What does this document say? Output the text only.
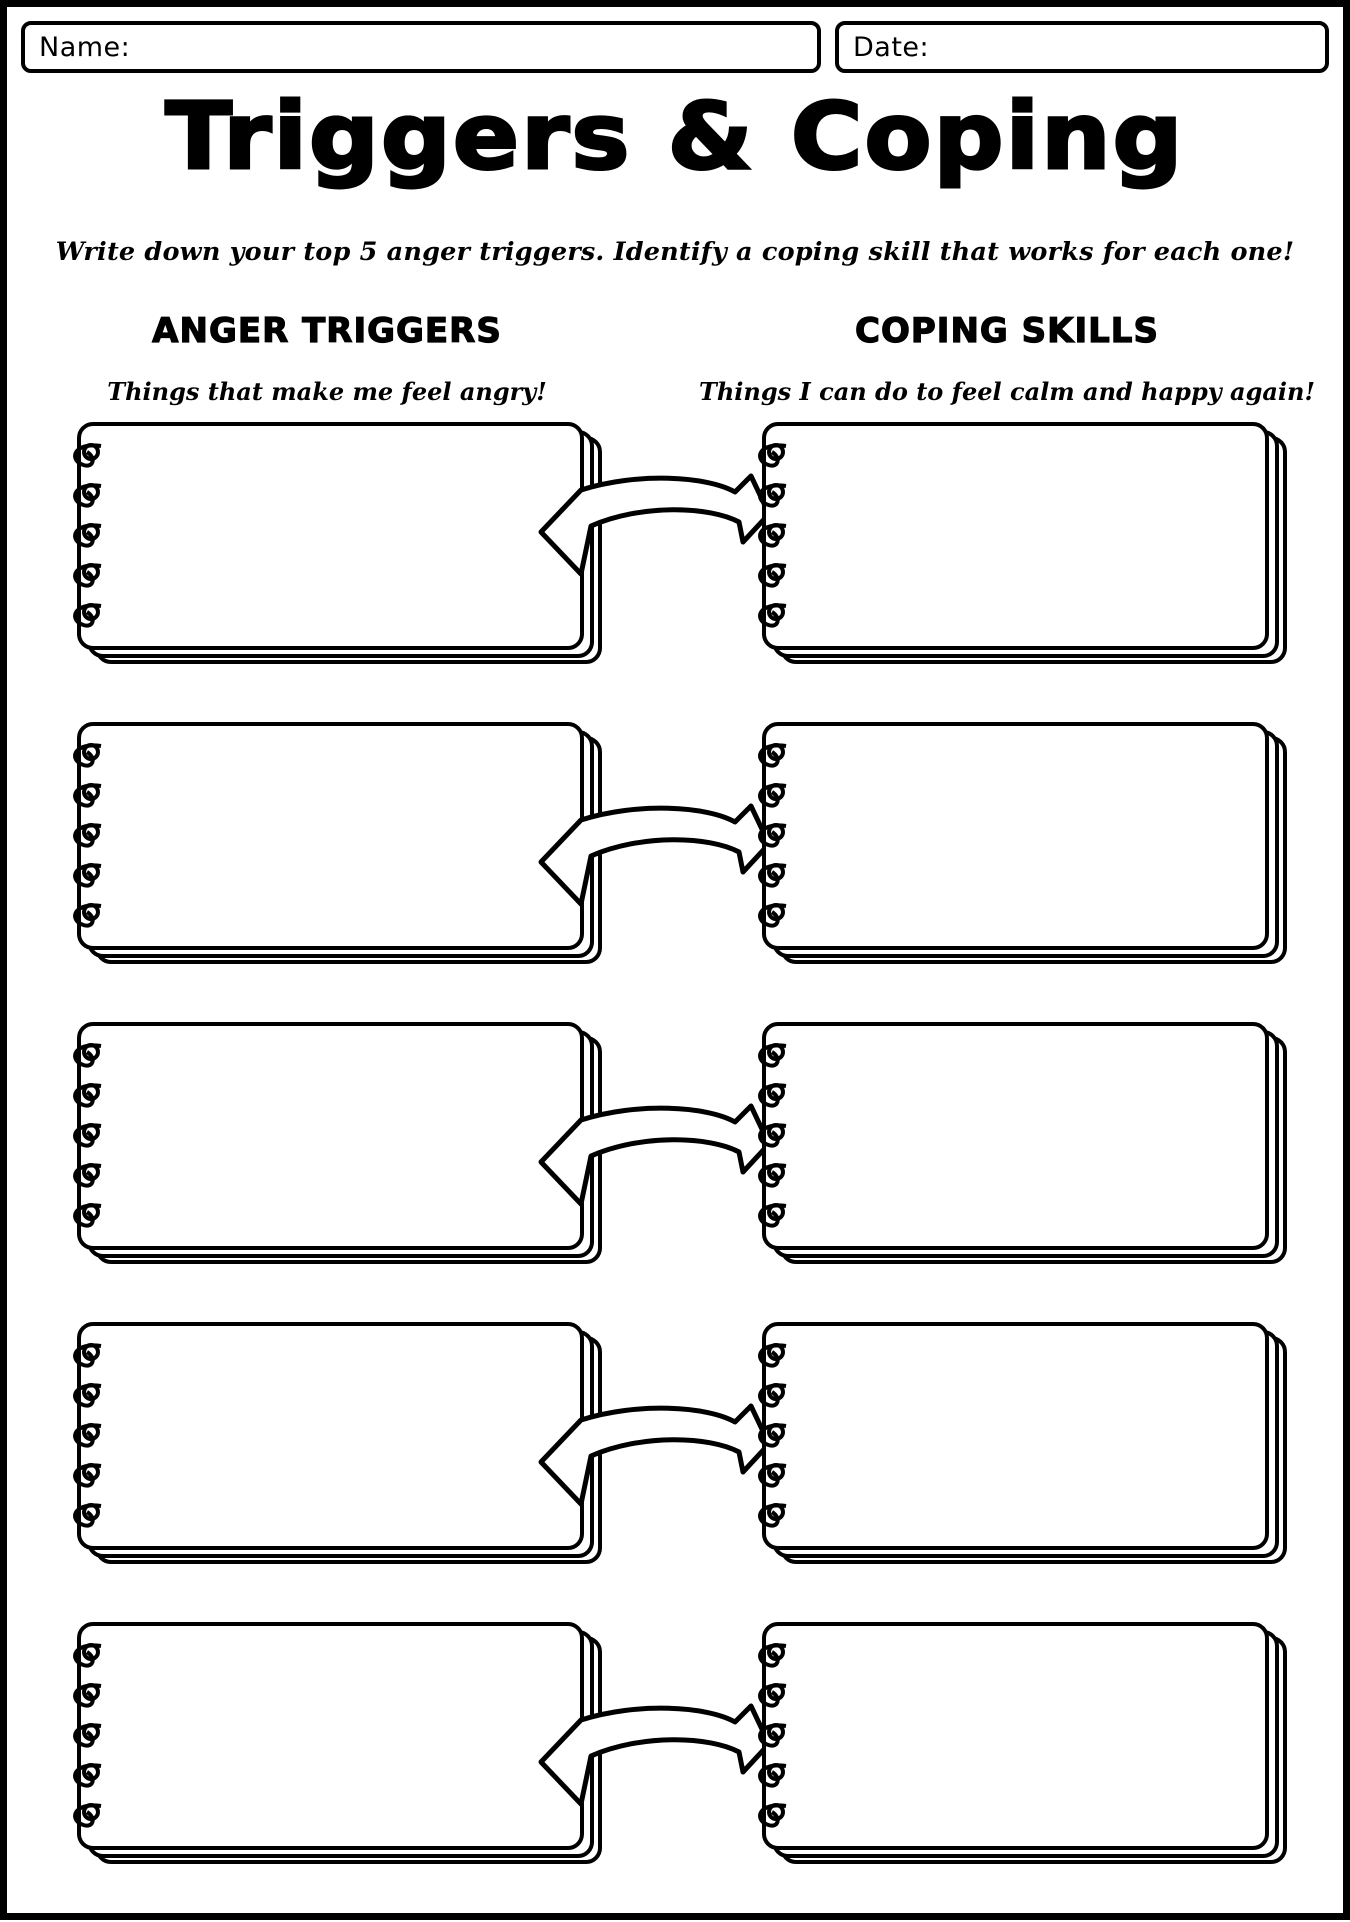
Name:	Date:
Triggers & Coping
Write down your top 5 anger triggers. Identify a coping skill that works for each one!
ANGER TRIGGERS
Things that make me feel angry!
COPING SKILLS
Things I can do to feel calm and happy again!
